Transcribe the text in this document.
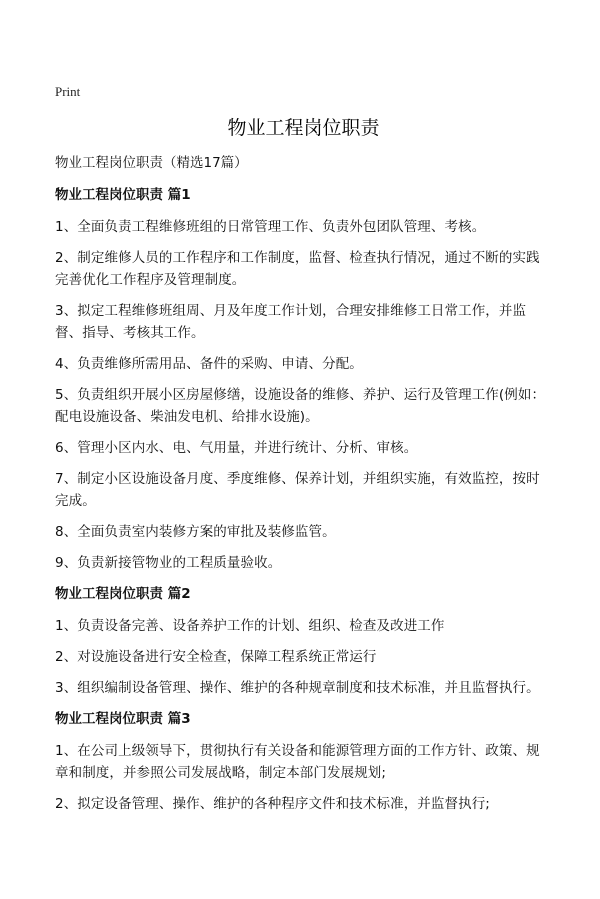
Print
物业工程岗位职责
物业工程岗位职责（精选17篇）
物业工程岗位职责 篇1

1、全面负责工程维修班组的日常管理工作、负责外包团队管理、考核。

2、制定维修人员的工作程序和工作制度，监督、检查执行情况，通过不断的实践完善优化工作程序及管理制度。

3、拟定工程维修班组周、月及年度工作计划，合理安排维修工日常工作，并监督、指导、考核其工作。

4、负责维修所需用品、备件的采购、申请、分配。

5、负责组织开展小区房屋修缮，设施设备的维修、养护、运行及管理工作(例如：配电设施设备、柴油发电机、给排水设施)。

6、管理小区内水、电、气用量，并进行统计、分析、审核。

7、制定小区设施设备月度、季度维修、保养计划，并组织实施，有效监控，按时完成。

8、全面负责室内装修方案的审批及装修监管。

9、负责新接管物业的工程质量验收。

物业工程岗位职责 篇2

1、负责设备完善、设备养护工作的计划、组织、检查及改进工作

2、对设施设备进行安全检查，保障工程系统正常运行

3、组织编制设备管理、操作、维护的各种规章制度和技术标准，并且监督执行。

物业工程岗位职责 篇3

1、在公司上级领导下，贯彻执行有关设备和能源管理方面的工作方针、政策、规章和制度，并参照公司发展战略，制定本部门发展规划;

2、拟定设备管理、操作、维护的各种程序文件和技术标准，并监督执行;
